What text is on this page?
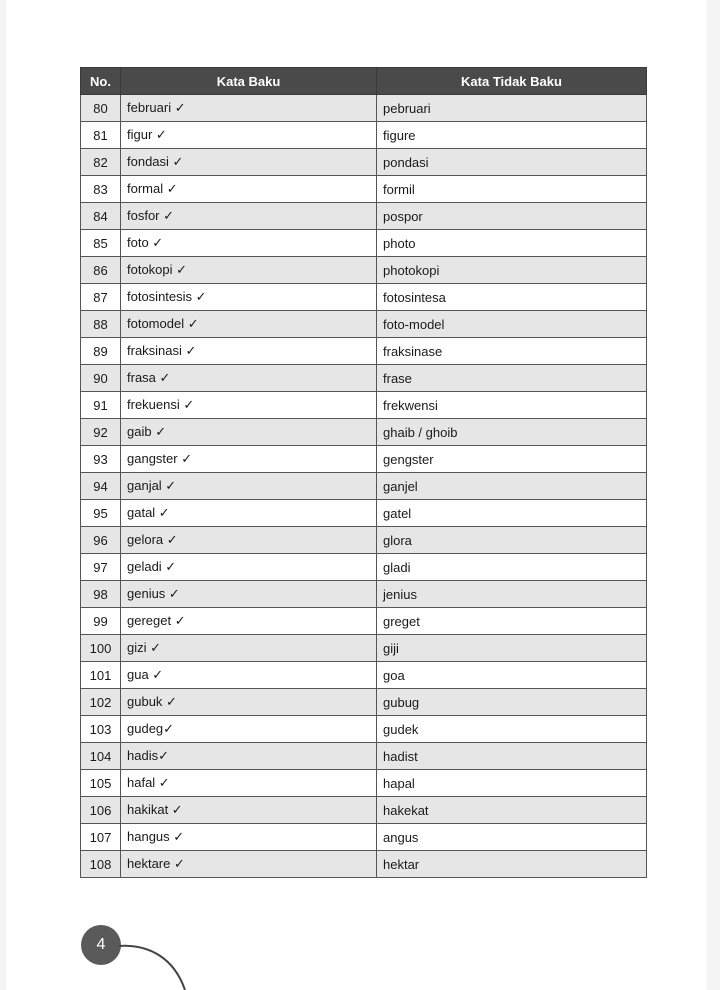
No.	Kata Baku	Kata Tidak Baku
80	februari ✓	pebruari
81	figur ✓	figure
82	fondasi ✓	pondasi
83	formal ✓	formil
84	fosfor ✓	pospor
85	foto ✓	photo
86	fotokopi ✓	photokopi
87	fotosintesis ✓	fotosintesa
88	fotomodel ✓	foto-model
89	fraksinasi ✓	fraksinase
90	frasa ✓	frase
91	frekuensi ✓	frekwensi
92	gaib ✓	ghaib / ghoib
93	gangster ✓	gengster
94	ganjal ✓	ganjel
95	gatal ✓	gatel
96	gelora ✓	glora
97	geladi ✓	gladi
98	genius ✓	jenius
99	gereget ✓	greget
100	gizi ✓	giji
101	gua ✓	goa
102	gubuk ✓	gubug
103	gudeg✓	gudek
104	hadis✓	hadist
105	hafal ✓	hapal
106	hakikat ✓	hakekat
107	hangus ✓	angus
108	hektare ✓	hektar
4
